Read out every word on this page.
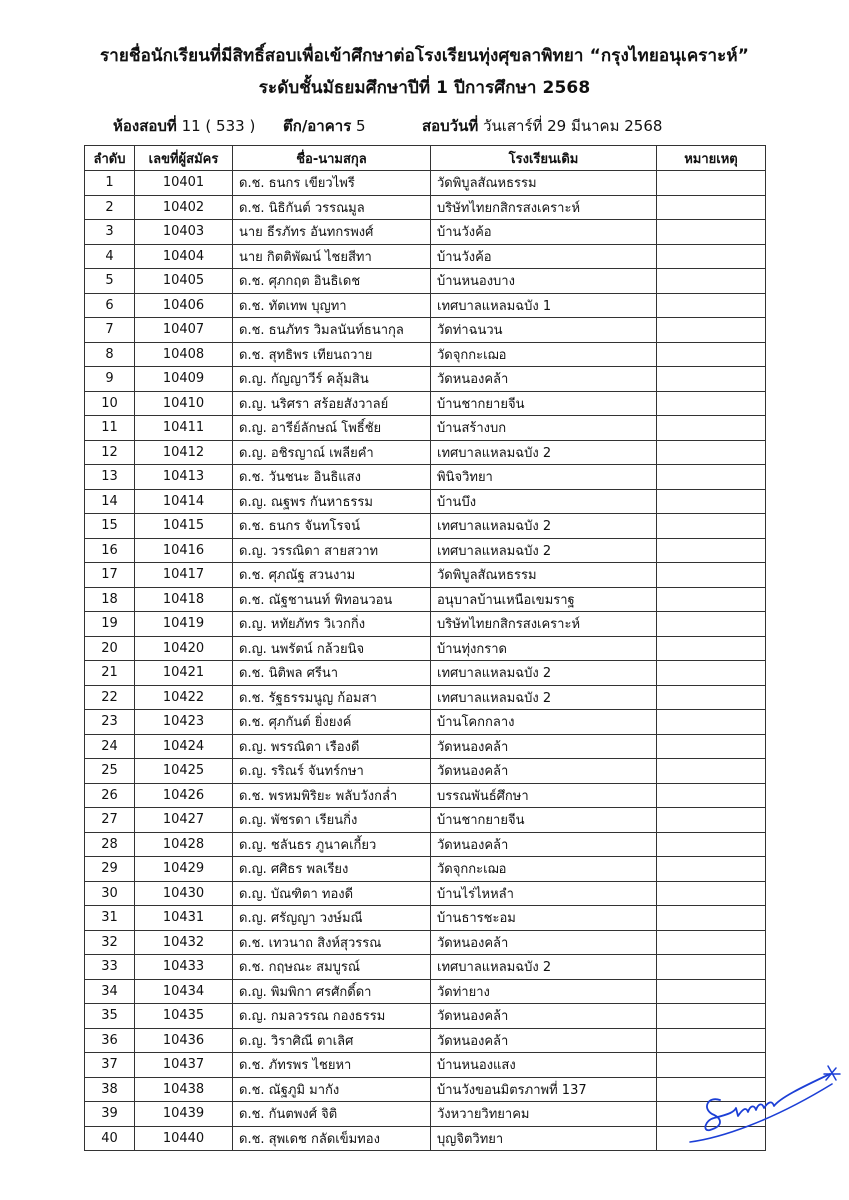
รายชื่อนักเรียนที่มีสิทธิ์สอบเพื่อเข้าศึกษาต่อโรงเรียนทุ่งศุขลาพิทยา “กรุงไทยอนุเคราะห์”
ระดับชั้นมัธยมศึกษาปีที่ 1 ปีการศึกษา 2568
ห้องสอบที่ 11 ( 533 ) ตึก/อาคาร 5	สอบวันที่ วันเสาร์ที่ 29 มีนาคม 2568
ลำดับ	เลขที่ผู้สมัคร	ชื่อ-นามสกุล	โรงเรียนเดิม	หมายเหตุ
1	10401	ด.ช. ธนกร เขียวไพรี	วัดพิบูลสัณหธรรม	
2	10402	ด.ช. นิธิกันต์ วรรณมูล	บริษัทไทยกสิกรสงเคราะห์	
3	10403	นาย ธีรภัทร อันทกรพงศ์	บ้านวังค้อ	
4	10404	นาย กิตติพัฒน์ ไชยสีทา	บ้านวังค้อ	
5	10405	ด.ช. ศุภกฤต อินธิเดช	บ้านหนองบาง	
6	10406	ด.ช. ทัตเทพ บุญทา	เทศบาลแหลมฉบัง 1	
7	10407	ด.ช. ธนภัทร วิมลนันท์ธนากุล	วัดท่าฉนวน	
8	10408	ด.ช. สุทธิพร เทียนถวาย	วัดจุกกะเฌอ	
9	10409	ด.ญ. กัญญาวีร์ คลุ้มสิน	วัดหนองคล้า	
10	10410	ด.ญ. นริศรา สร้อยสังวาลย์	บ้านชากยายจีน	
11	10411	ด.ญ. อารีย์ลักษณ์ โพธิ์ชัย	บ้านสร้างบก	
12	10412	ด.ญ. อชิรญาณ์ เพลียคำ	เทศบาลแหลมฉบัง 2	
13	10413	ด.ช. วันชนะ อินธิแสง	พินิจวิทยา	
14	10414	ด.ญ. ณฐพร กันหาธรรม	บ้านบึง	
15	10415	ด.ช. ธนกร จันทโรจน์	เทศบาลแหลมฉบัง 2	
16	10416	ด.ญ. วรรณิดา สายสวาท	เทศบาลแหลมฉบัง 2	
17	10417	ด.ช. ศุภณัฐ สวนงาม	วัดพิบูลสัณหธรรม	
18	10418	ด.ช. ณัฐชานนท์ พิทอนวอน	อนุบาลบ้านเหนือเขมราฐ	
19	10419	ด.ญ. หทัยภัทร วิเวกกิ่ง	บริษัทไทยกสิกรสงเคราะห์	
20	10420	ด.ญ. นพรัตน์ กล้วยนิจ	บ้านทุ่งกราด	
21	10421	ด.ช. นิติพล ศรีนา	เทศบาลแหลมฉบัง 2	
22	10422	ด.ช. รัฐธรรมนูญ ก้อมสา	เทศบาลแหลมฉบัง 2	
23	10423	ด.ช. ศุภกันต์ ยิ่งยงค์	บ้านโคกกลาง	
24	10424	ด.ญ. พรรณิดา เรืองดี	วัดหนองคล้า	
25	10425	ด.ญ. รริณร์ จันทร์กษา	วัดหนองคล้า	
26	10426	ด.ช. พรหมพิริยะ พลับวังกล่ำ	บรรณพันธ์ศึกษา	
27	10427	ด.ญ. พัชรดา เรียนกิ่ง	บ้านชากยายจีน	
28	10428	ด.ญ. ชลันธร ภูนาคเกี้ยว	วัดหนองคล้า	
29	10429	ด.ญ. ศศิธร พลเรียง	วัดจุกกะเฌอ	
30	10430	ด.ญ. บัณฑิตา ทองดี	บ้านไร่ไหหลำ	
31	10431	ด.ญ. ศรัญญา วงษ์มณี	บ้านธารชะอม	
32	10432	ด.ช. เทวนาถ สิงห์สุวรรณ	วัดหนองคล้า	
33	10433	ด.ช. กฤษณะ สมบูรณ์	เทศบาลแหลมฉบัง 2	
34	10434	ด.ญ. พิมพิกา ศรศักดิ์ดา	วัดท่ายาง	
35	10435	ด.ญ. กมลวรรณ กองธรรม	วัดหนองคล้า	
36	10436	ด.ญ. วิราศิณี ตาเลิศ	วัดหนองคล้า	
37	10437	ด.ช. ภัทรพร ไชยหา	บ้านหนองแสง	
38	10438	ด.ช. ณัฐภูมิ มากัง	บ้านวังขอนมิตรภาพที่ 137	
39	10439	ด.ช. กันตพงศ์ จิติ	วังหวายวิทยาคม	
40	10440	ด.ช. สุพเดช กลัดเข็มทอง	บุญจิตวิทยา	
